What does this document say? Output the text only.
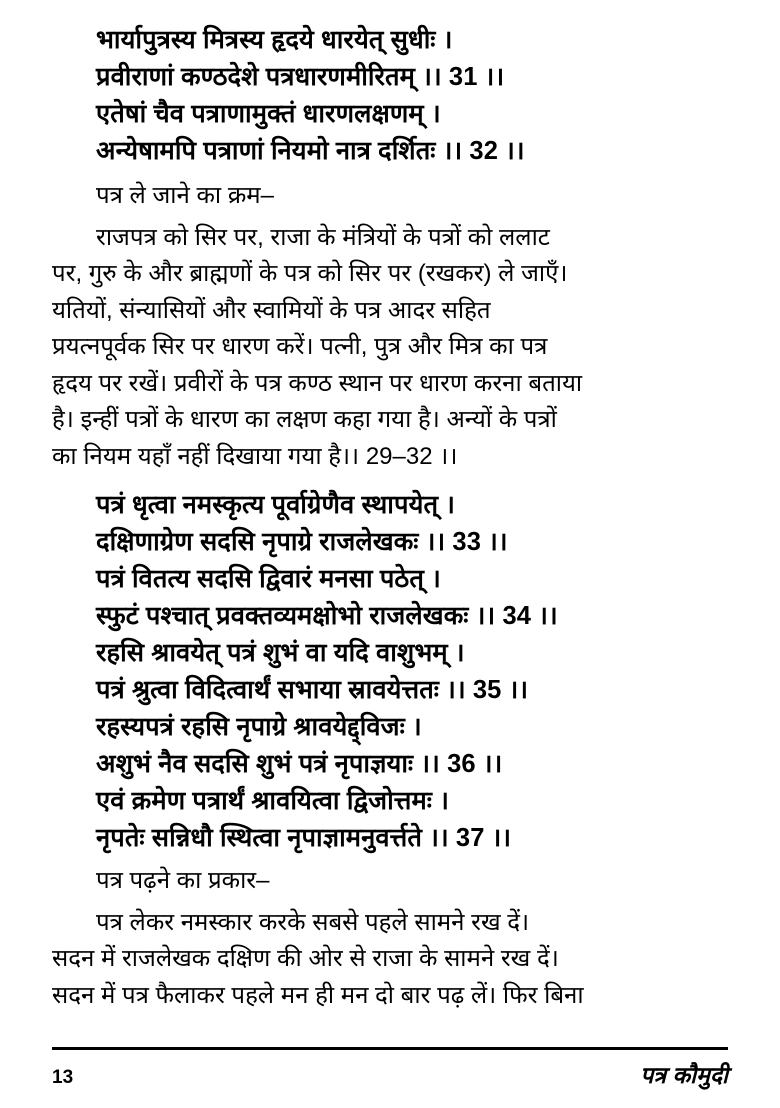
भार्यापुत्रस्य मित्रस्य हृदये धारयेत् सुधीः ।

प्रवीराणां कण्ठदेशे पत्रधारणमीरितम् ।। 31 ।।

एतेषां चैव पत्राणामुक्तं धारणलक्षणम् ।

अन्येषामपि पत्राणां नियमो नात्र दर्शितः ।। 32 ।।

पत्र ले जाने का क्रम–

राजपत्र को सिर पर, राजा के मंत्रियों के पत्रों को ललाट

पर, गुरु के और ब्राह्मणों के पत्र को सिर पर (रखकर) ले जाएँ।

यतियों, संन्यासियों और स्वामियों के पत्र आदर सहित

प्रयत्नपूर्वक सिर पर धारण करें। पत्नी, पुत्र और मित्र का पत्र

हृदय पर रखें। प्रवीरों के पत्र कण्ठ स्थान पर धारण करना बताया

है। इन्हीं पत्रों के धारण का लक्षण कहा गया है। अन्यों के पत्रों

का नियम यहाँ नहीं दिखाया गया है।। 29–32 ।।

पत्रं धृत्वा नमस्कृत्य पूर्वाग्रेणैव स्थापयेत् ।

दक्षिणाग्रेण सदसि नृपाग्रे राजलेखकः ।। 33 ।।

पत्रं वितत्य सदसि द्विवारं मनसा पठेत् ।

स्फुटं पश्चात् प्रवक्तव्यमक्षोभो राजलेखकः ।। 34 ।।

रहसि श्रावयेत् पत्रं शुभं वा यदि वाशुभम् ।

पत्रं श्रुत्वा विदित्वार्थं सभाया स्रावयेत्ततः ।। 35 ।।

रहस्यपत्रं रहसि नृपाग्रे श्रावयेद्द्विजः ।

अशुभं नैव सदसि शुभं पत्रं नृपाज्ञयाः ।। 36 ।।

एवं क्रमेण पत्रार्थं श्रावयित्वा द्विजोत्तमः ।

नृपतेः सन्निधौ स्थित्वा नृपाज्ञामनुवर्त्तते ।। 37 ।।

पत्र पढ़ने का प्रकार–

पत्र लेकर नमस्कार करके सबसे पहले सामने रख दें।

सदन में राजलेखक दक्षिण की ओर से राजा के सामने रख दें।

सदन में पत्र फैलाकर पहले मन ही मन दो बार पढ़ लें। फिर बिना

13	पत्र कौमुदी
